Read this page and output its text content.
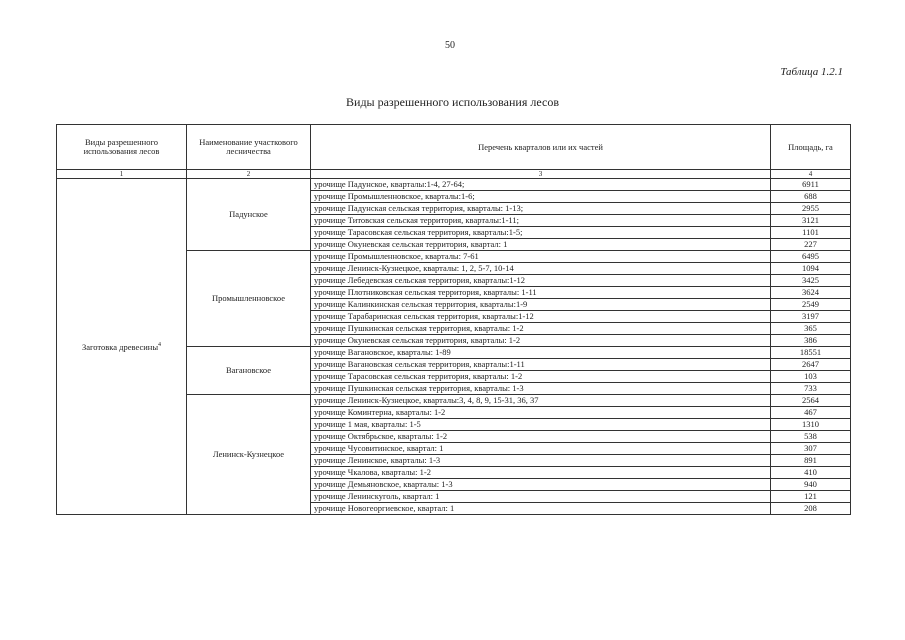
50
Таблица 1.2.1
Виды разрешенного использования лесов
Виды разрешенного использования лесов	Наименование участкового лесничества	Перечень кварталов или их частей	Площадь, га
1	2	3	4
Заготовка древесины$^4$	Падунское	урочище Падунское, кварталы:1-4, 27-64;	6911
		урочище Промышленновское, кварталы:1-6;	688
		урочище Падунская сельская территория, кварталы: 1-13;	2955
		урочище Титовская сельская территория, кварталы:1-11;	3121
		урочище Тарасовская сельская территория, кварталы:1-5;	1101
		урочище Окуневская сельская территория, квартал: 1	227
	Промышленновское	урочище Промышленновское, кварталы: 7-61	6495
		урочище Ленинск-Кузнецкое, кварталы: 1, 2, 5-7, 10-14	1094
		урочище Лебедевская сельская территория, кварталы:1-12	3425
		урочище Плотниковская сельская территория, кварталы: 1-11	3624
		урочище Калинкинская сельская территория, кварталы:1-9	2549
		урочище Тарабаринская сельская территория, кварталы:1-12	3197
		урочище Пушкинская сельская территория, кварталы: 1-2	365
		урочище Окуневская сельская территория, кварталы: 1-2	386
	Вагановское	урочище Вагановское, кварталы: 1-89	18551
		урочище Вагановская сельская территория, кварталы:1-11	2647
		урочище Тарасовская сельская территория, кварталы: 1-2	103
		урочище Пушкинская сельская территория, кварталы: 1-3	733
	Ленинск-Кузнецкое	урочище Ленинск-Кузнецкое, кварталы:3, 4, 8, 9, 15-31, 36, 37	2564
		урочище Коминтерна, кварталы: 1-2	467
		урочище 1 мая, кварталы: 1-5	1310
		урочище Октябрьское, кварталы: 1-2	538
		урочище Чусовитинское, квартал: 1	307
		урочище Ленинское, кварталы: 1-3	891
		урочище Чкалова, кварталы: 1-2	410
		урочище Демьяновское, кварталы: 1-3	940
		урочище Ленинскуголь, квартал: 1	121
		урочище Новогеоргиевское, квартал: 1	208
